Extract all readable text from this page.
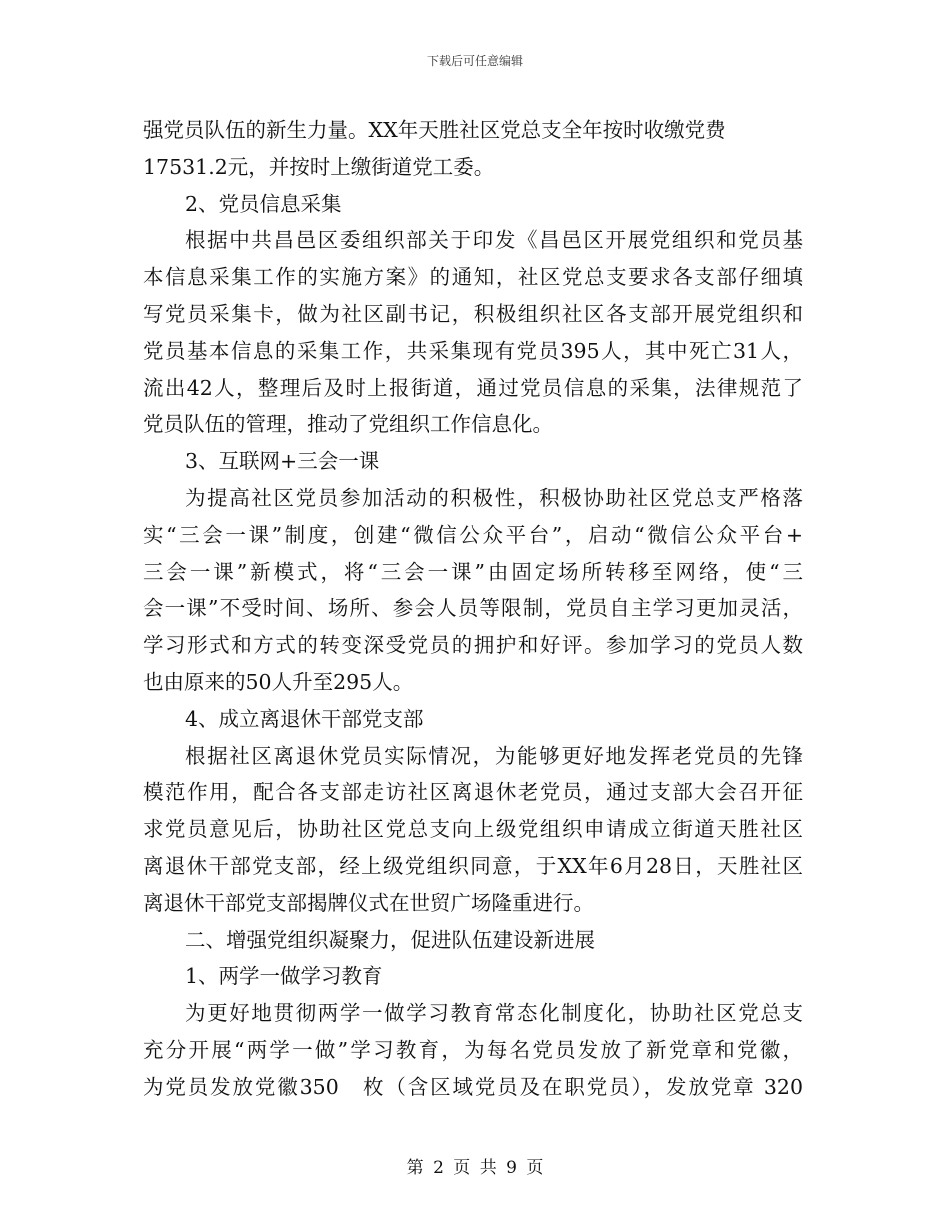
下载后可任意编辑
强党员队伍的新生力量。XX年天胜社区党总支全年按时收缴党费
17531.2元，并按时上缴街道党工委。
2、党员信息采集
根据中共昌邑区委组织部关于印发《昌邑区开展党组织和党员基
本信息采集工作的实施方案》的通知，社区党总支要求各支部仔细填
写党员采集卡，做为社区副书记，积极组织社区各支部开展党组织和
党员基本信息的采集工作，共采集现有党员395人，其中死亡31人，
流出42人，整理后及时上报街道，通过党员信息的采集，法律规范了
党员队伍的管理，推动了党组织工作信息化。
3、互联网+三会一课
为提高社区党员参加活动的积极性，积极协助社区党总支严格落
实“三会一课”制度，创建“微信公众平台”，启动“微信公众平台+
三会一课”新模式，将“三会一课”由固定场所转移至网络，使“三
会一课”不受时间、场所、参会人员等限制，党员自主学习更加灵活，
学习形式和方式的转变深受党员的拥护和好评。参加学习的党员人数
也由原来的50人升至295人。
4、成立离退休干部党支部
根据社区离退休党员实际情况，为能够更好地发挥老党员的先锋
模范作用，配合各支部走访社区离退休老党员，通过支部大会召开征
求党员意见后，协助社区党总支向上级党组织申请成立街道天胜社区
离退休干部党支部，经上级党组织同意，于XX年6月28日，天胜社区
离退休干部党支部揭牌仪式在世贸广场隆重进行。
二、增强党组织凝聚力，促进队伍建设新进展
1、两学一做学习教育
为更好地贯彻两学一做学习教育常态化制度化，协助社区党总支
充分开展“两学一做”学习教育，为每名党员发放了新党章和党徽，
为党员发放党徽350　枚（含区域党员及在职党员），发放党章 320
第 2 页 共 9 页
